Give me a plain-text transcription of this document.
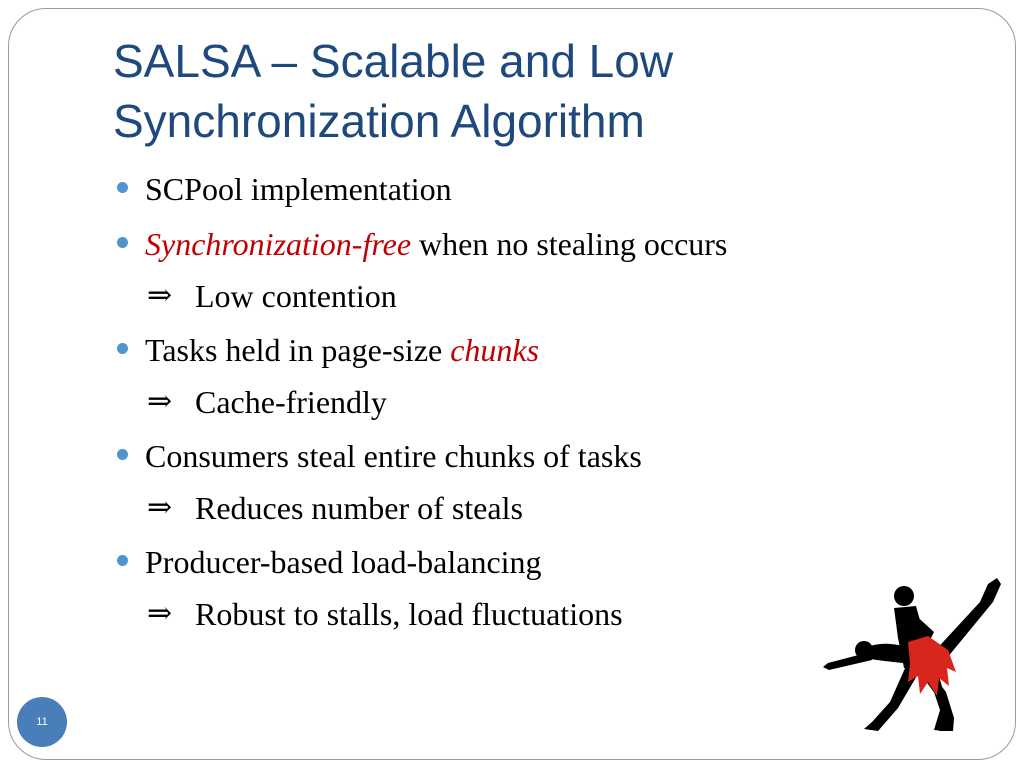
SALSA – Scalable and Low
Synchronization Algorithm
SCPool implementation
Synchronization-free when no stealing occurs
⇒ Low contention
Tasks held in page-size chunks
⇒ Cache-friendly
Consumers steal entire chunks of tasks
⇒ Reduces number of steals
Producer-based load-balancing
⇒ Robust to stalls, load fluctuations
11
